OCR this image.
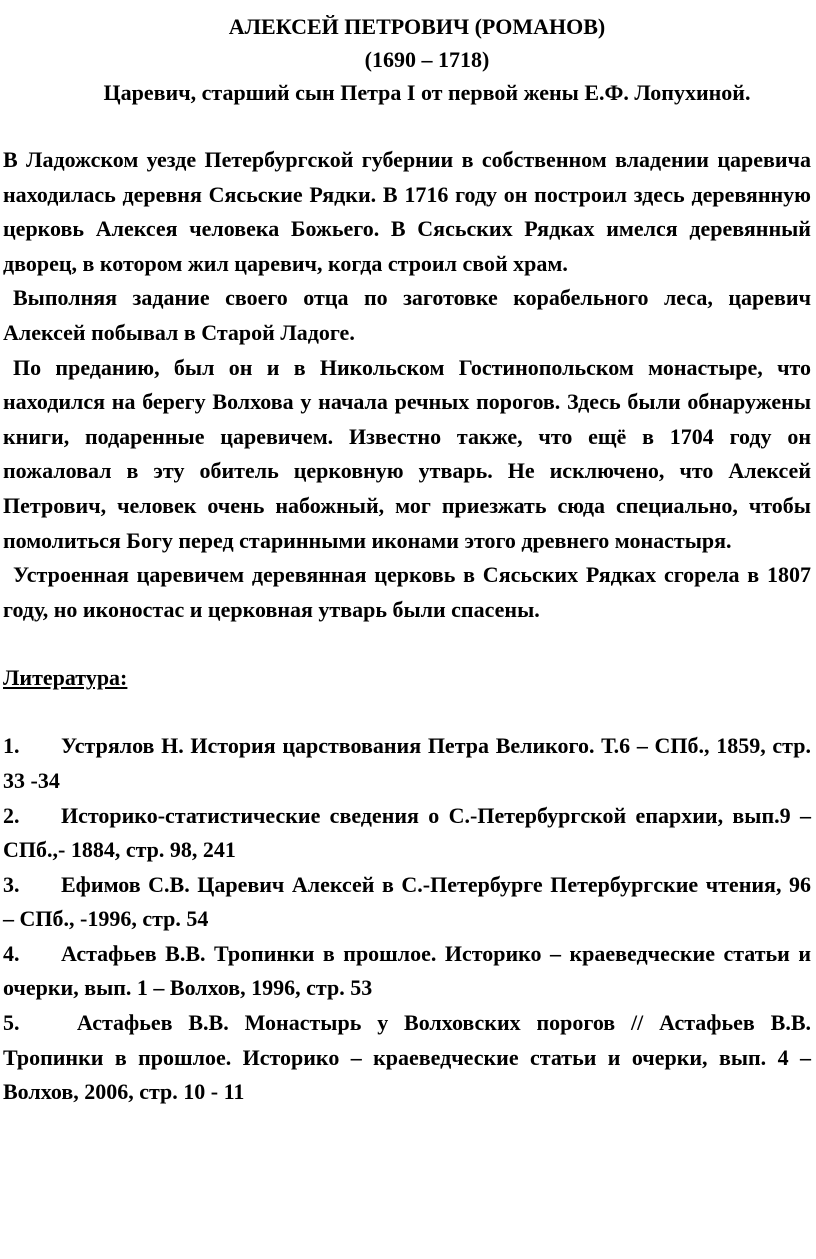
АЛЕКСЕЙ ПЕТРОВИЧ (РОМАНОВ)
(1690 – 1718)
Царевич, старший сын Петра I от первой жены Е.Ф. Лопухиной.

В Ладожском уезде Петербургской губернии в собственном владении царевича находилась деревня Сясьские Рядки. В 1716 году он построил здесь деревянную церковь Алексея человека Божьего. В Сясьских Рядках имелся деревянный дворец, в котором жил царевич, когда строил свой храм.

Выполняя задание своего отца по заготовке корабельного леса, царевич Алексей побывал в Старой Ладоге.

По преданию, был он и в Никольском Гостинопольском монастыре, что находился на берегу Волхова у начала речных порогов. Здесь были обнаружены книги, подаренные царевичем. Известно также, что ещё в 1704 году он пожаловал в эту обитель церковную утварь. Не исключено, что Алексей Петрович, человек очень набожный, мог приезжать сюда специально, чтобы помолиться Богу перед старинными иконами этого древнего монастыря.

Устроенная царевичем деревянная церковь в Сясьских Рядках сгорела в 1807 году, но иконостас и церковная утварь были спасены.

Литература:

1. Устрялов Н. История царствования Петра Великого. Т.6 – СПб., 1859, стр. 33 -34

2. Историко-статистические сведения о С.-Петербургской епархии, вып.9 – СПб.,- 1884, стр. 98, 241

3. Ефимов С.В. Царевич Алексей в С.-Петербурге Петербургские чтения, 96 – СПб., -1996, стр. 54

4. Астафьев В.В. Тропинки в прошлое. Историко – краеведческие статьи и очерки, вып. 1 – Волхов, 1996, стр. 53

5. Астафьев В.В. Монастырь у Волховских порогов // Астафьев В.В. Тропинки в прошлое. Историко – краеведческие статьи и очерки, вып. 4 – Волхов, 2006, стр. 10 - 11
